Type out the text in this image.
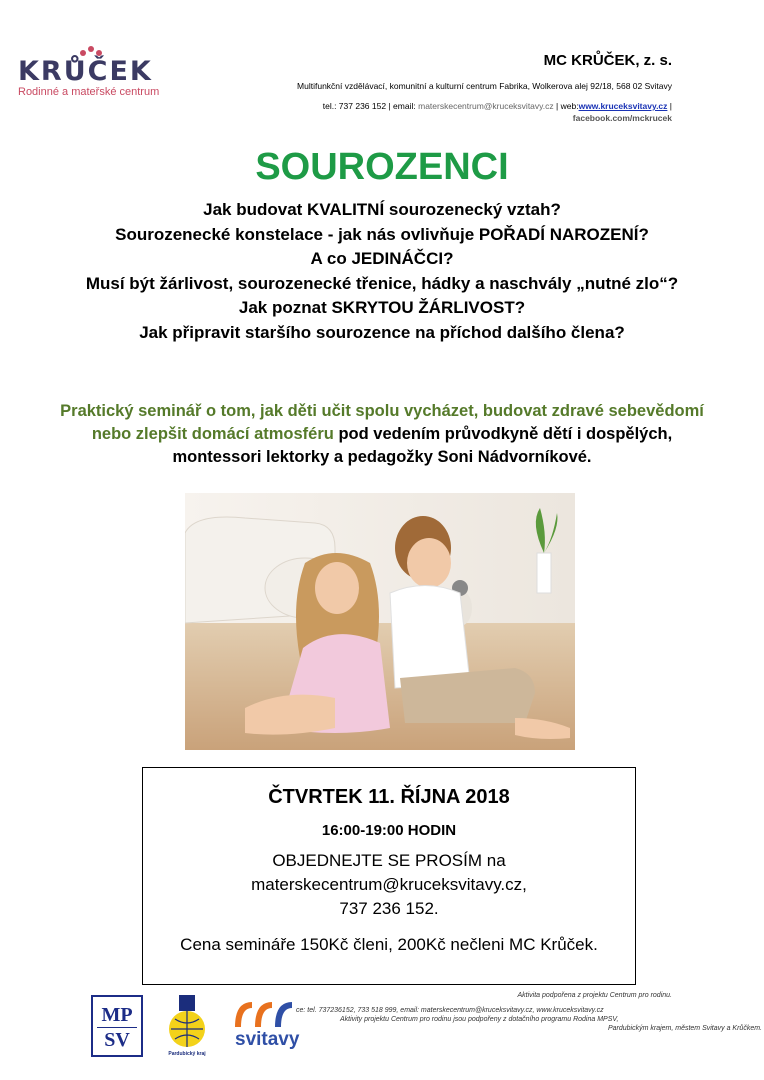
KRŮČEK
Rodinné a mateřské centrum
MC KRŮČEK, z. s.
Multifunkční vzdělávací, komunitní a kulturní centrum Fabrika, Wolkerova alej 92/18, 568 02 Svitavy
tel.: 737 236 152 | email: materskecentrum@kruceksvitavy.cz | web:www.kruceksvitavy.cz |
facebook.com/mckrucek
SOUROZENCI

Jak budovat KVALITNÍ sourozenecký vztah?

Sourozenecké konstelace - jak nás ovlivňuje POŘADÍ NAROZENÍ?

A co JEDINÁČCI?

Musí být žárlivost, sourozenecké třenice, hádky a naschvály „nutné zlo“?

Jak poznat SKRYTOU ŽÁRLIVOST?

Jak připravit staršího sourozence na příchod dalšího člena?

Praktický seminář o tom, jak děti učit spolu vycházet, budovat zdravé sebevědomí nebo zlepšit domácí atmosféru pod vedením průvodkyně dětí i dospělých, montessori lektorky a pedagožky Soni Nádvorníkové.
ČTVRTEK 11. ŘÍJNA 2018
16:00-19:00 HODIN
OBJEDNEJTE SE PROSÍM na
materskecentrum@kruceksvitavy.cz,
737 236 152.
Cena semináře 150Kč členi, 200Kč nečleni MC Krůček.
MP
SV
Pardubický kraj
svitavy
Aktivita podpořena z projektu Centrum pro rodinu.
ce: tel. 737236152, 733 518 999, email: materskecentrum@kruceksvitavy.cz, www.kruceksvitavy.cz
Aktivity projektu Centrum pro rodinu jsou podpořeny z dotačního programu Rodina MPSV,
Pardubickým krajem, městem Svitavy a Krůčkem.
